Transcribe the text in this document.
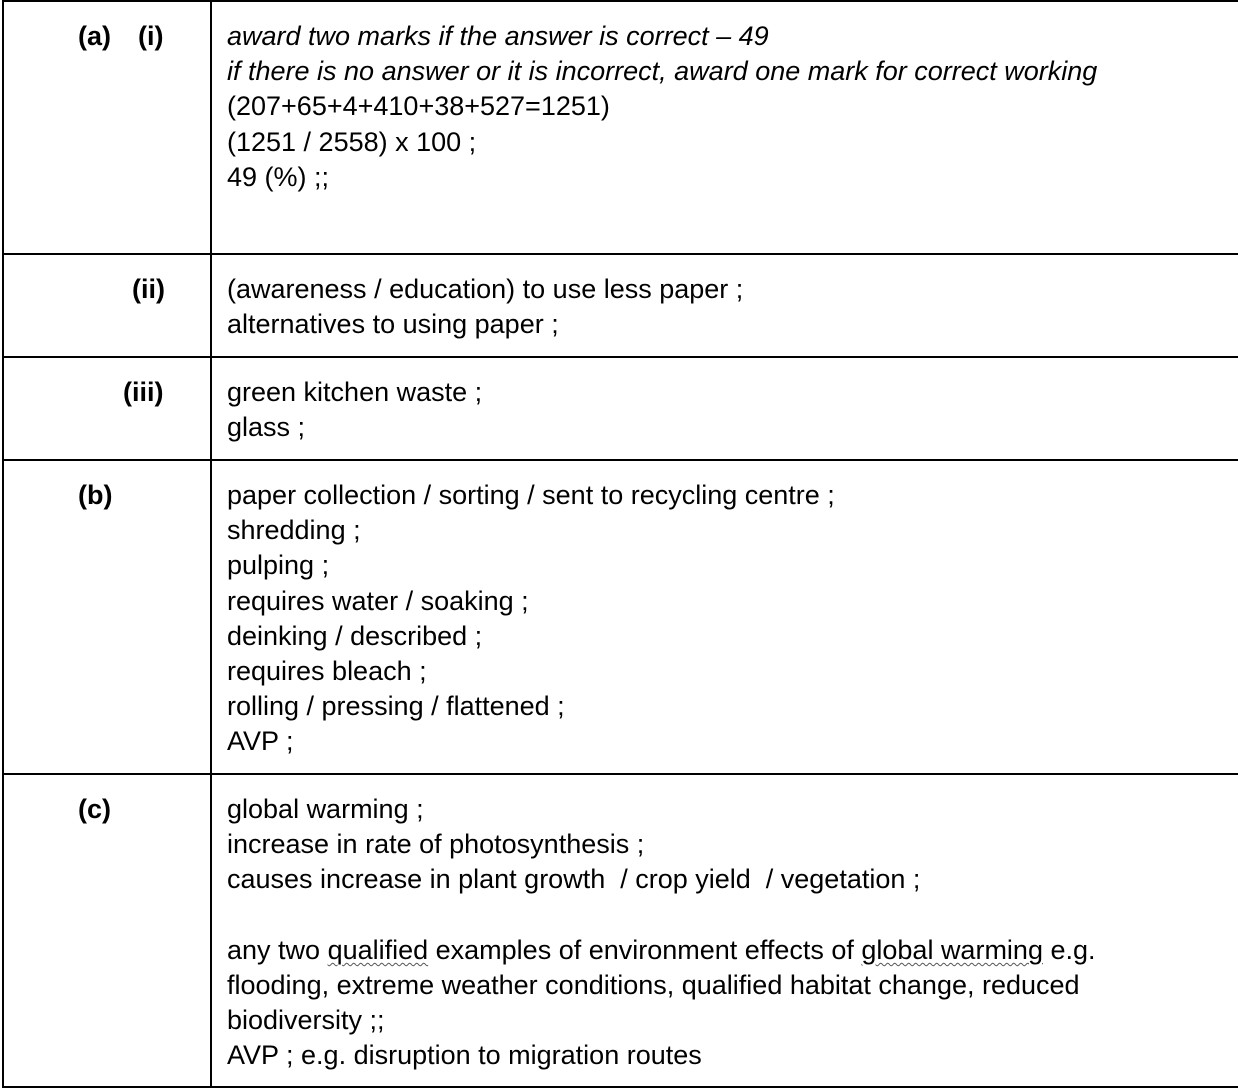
(a) (i) award two marks if the answer is correct – 49
if there is no answer or it is incorrect, award one mark for correct working
(207+65+4+410+38+527=1251)
(1251 / 2558) x 100 ;
49 (%) ;;
(ii) (awareness / education) to use less paper ;
alternatives to using paper ;
(iii) green kitchen waste ;
glass ;
(b)	paper collection / sorting / sent to recycling centre ;
shredding ;
pulping ;
requires water / soaking ;
deinking / described ;
requires bleach ;
rolling / pressing / flattened ;
AVP ;
(c)	global warming ;
increase in rate of photosynthesis ;
causes increase in plant growth  / crop yield  / vegetation ;
any two qualified examples of environment effects of global warming e.g.
flooding, extreme weather conditions, qualified habitat change, reduced
biodiversity ;;
AVP ; e.g. disruption to migration routes
